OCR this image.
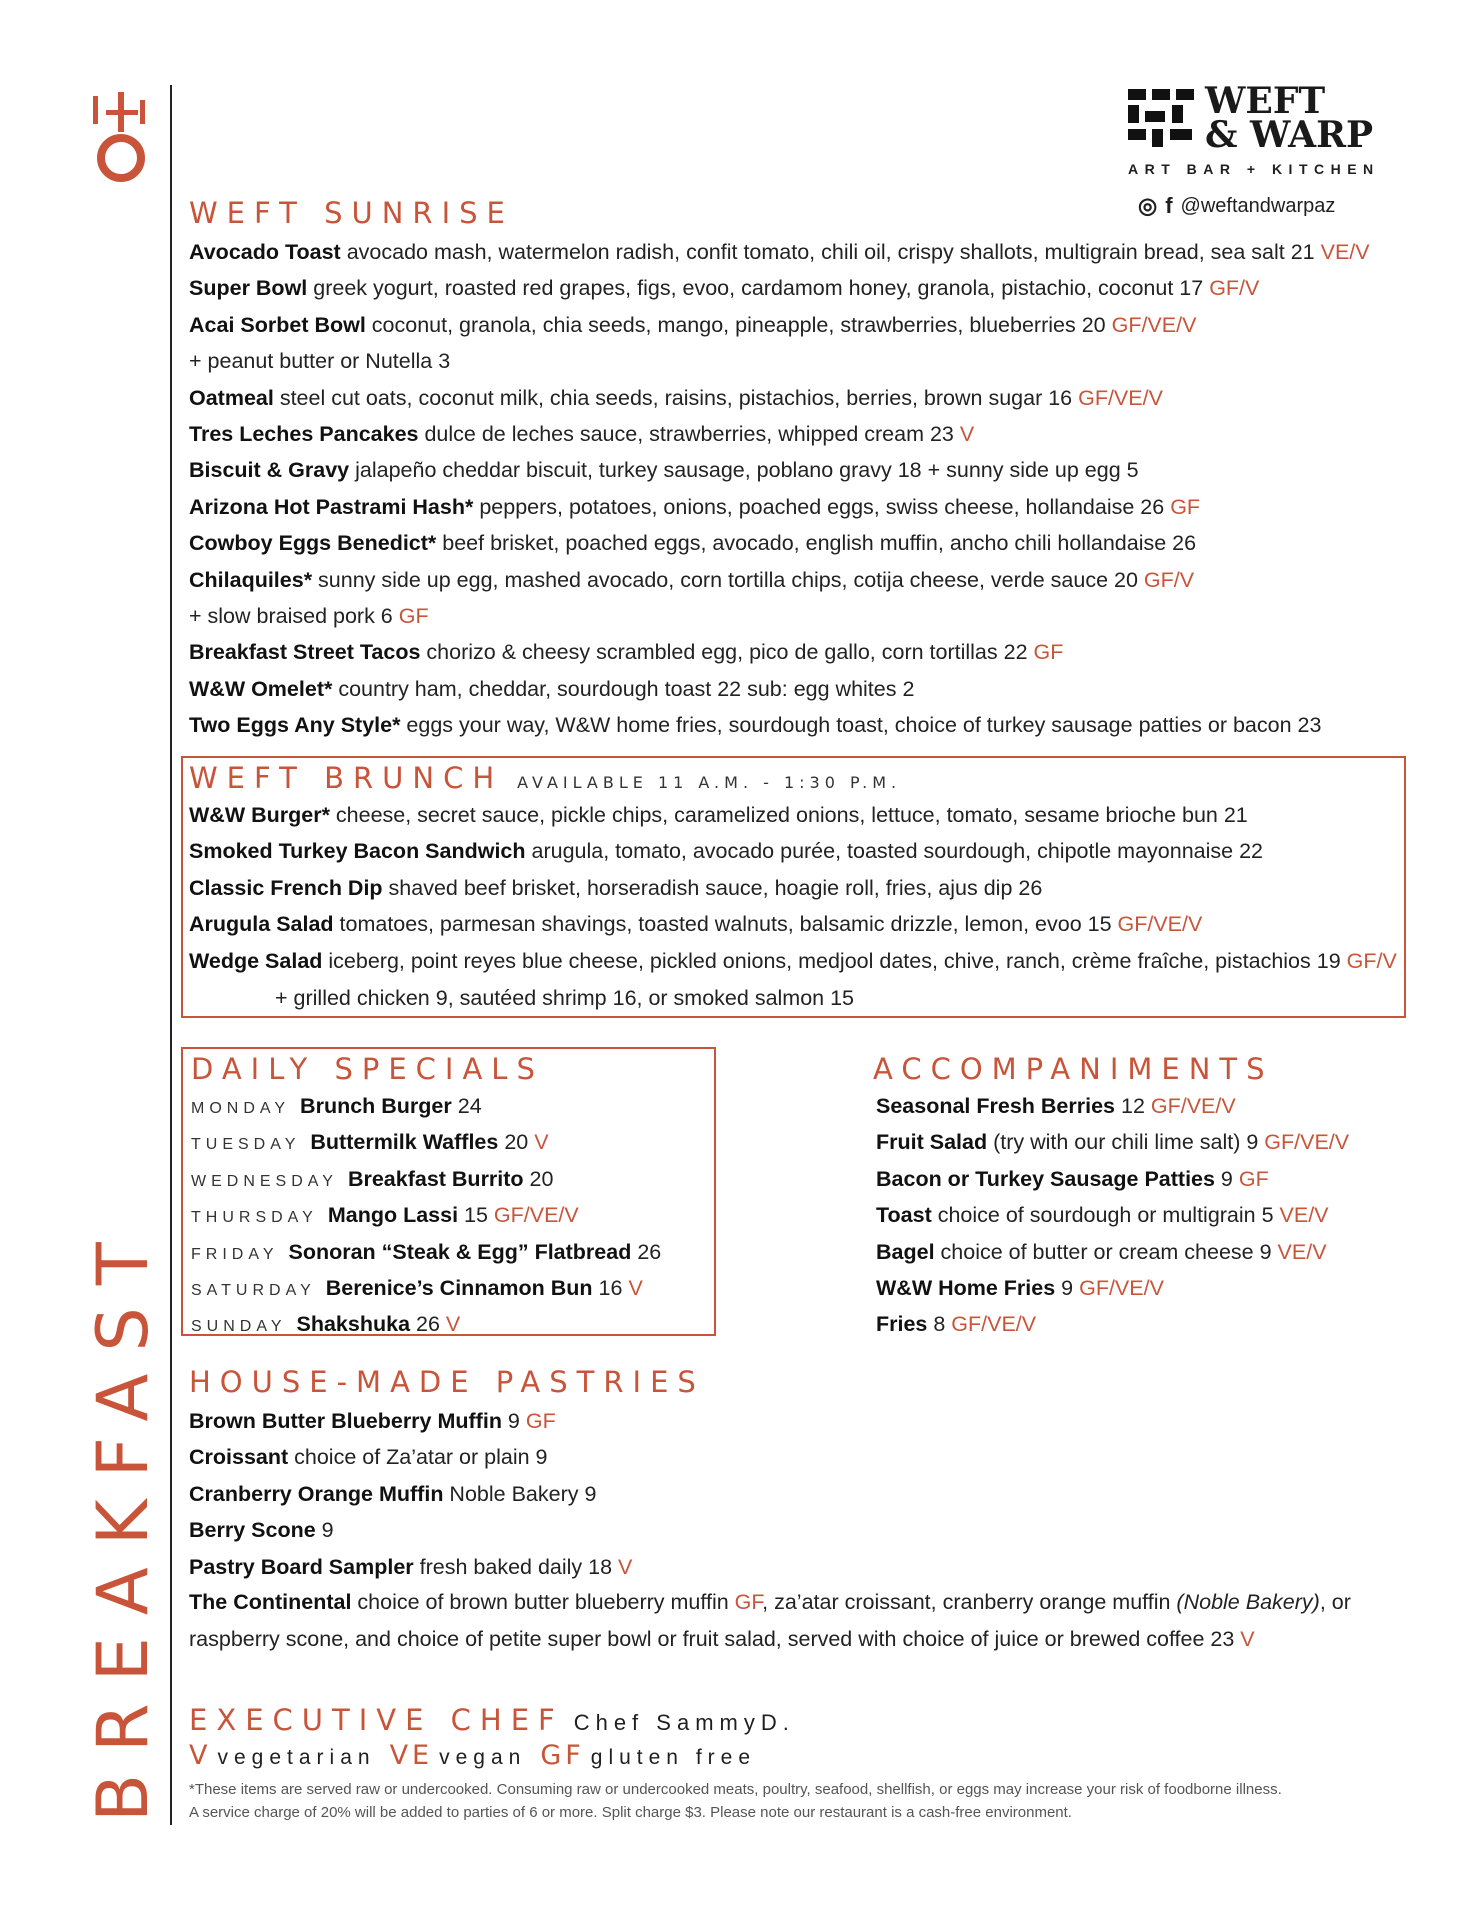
BREAKFAST
WEFT
& WARP
ART BAR + KITCHEN
◎ f @weftandwarpaz
WEFT SUNRISE
Avocado Toast avocado mash, watermelon radish, confit tomato, chili oil, crispy shallots, multigrain bread, sea salt 21 VE/V
Super Bowl greek yogurt, roasted red grapes, figs, evoo, cardamom honey, granola, pistachio, coconut 17 GF/V
Acai Sorbet Bowl coconut, granola, chia seeds, mango, pineapple, strawberries, blueberries 20 GF/VE/V
+ peanut butter or Nutella 3
Oatmeal steel cut oats, coconut milk, chia seeds, raisins, pistachios, berries, brown sugar 16 GF/VE/V
Tres Leches Pancakes dulce de leches sauce, strawberries, whipped cream 23 V
Biscuit & Gravy jalapeño cheddar biscuit, turkey sausage, poblano gravy 18 + sunny side up egg 5
Arizona Hot Pastrami Hash* peppers, potatoes, onions, poached eggs, swiss cheese, hollandaise 26 GF
Cowboy Eggs Benedict* beef brisket, poached eggs, avocado, english muffin, ancho chili hollandaise 26
Chilaquiles* sunny side up egg, mashed avocado, corn tortilla chips, cotija cheese, verde sauce 20 GF/V
+ slow braised pork 6 GF
Breakfast Street Tacos chorizo & cheesy scrambled egg, pico de gallo, corn tortillas 22 GF
W&W Omelet* country ham, cheddar, sourdough toast 22 sub: egg whites 2
Two Eggs Any Style* eggs your way, W&W home fries, sourdough toast, choice of turkey sausage patties or bacon 23
WEFT BRUNCH AVAILABLE 11 A.M. - 1:30 P.M.
W&W Burger* cheese, secret sauce, pickle chips, caramelized onions, lettuce, tomato, sesame brioche bun 21
Smoked Turkey Bacon Sandwich arugula, tomato, avocado purée, toasted sourdough, chipotle mayonnaise 22
Classic French Dip shaved beef brisket, horseradish sauce, hoagie roll, fries, ajus dip 26
Arugula Salad tomatoes, parmesan shavings, toasted walnuts, balsamic drizzle, lemon, evoo 15 GF/VE/V
Wedge Salad iceberg, point reyes blue cheese, pickled onions, medjool dates, chive, ranch, crème fraîche, pistachios 19 GF/V
+ grilled chicken 9, sautéed shrimp 16, or smoked salmon 15
DAILY SPECIALS
MONDAY Brunch Burger 24
TUESDAY Buttermilk Waffles 20 V
WEDNESDAY Breakfast Burrito 20
THURSDAY Mango Lassi 15 GF/VE/V
FRIDAY Sonoran “Steak & Egg” Flatbread 26
SATURDAY Berenice’s Cinnamon Bun 16 V
SUNDAY Shakshuka 26 V
ACCOMPANIMENTS
Seasonal Fresh Berries 12 GF/VE/V
Fruit Salad (try with our chili lime salt) 9 GF/VE/V
Bacon or Turkey Sausage Patties 9 GF
Toast choice of sourdough or multigrain 5 VE/V
Bagel choice of butter or cream cheese 9 VE/V
W&W Home Fries 9 GF/VE/V
Fries 8 GF/VE/V
HOUSE-MADE PASTRIES
Brown Butter Blueberry Muffin 9 GF
Croissant choice of Za’atar or plain 9
Cranberry Orange Muffin Noble Bakery 9
Berry Scone 9
Pastry Board Sampler fresh baked daily 18 V
The Continental choice of brown butter blueberry muffin GF, za’atar croissant, cranberry orange muffin (Noble Bakery), or
raspberry scone, and choice of petite super bowl or fruit salad, served with choice of juice or brewed coffee 23 V
EXECUTIVE CHEF Chef SammyD.
V vegetarian VE vegan GF gluten free
*These items are served raw or undercooked. Consuming raw or undercooked meats, poultry, seafood, shellfish, or eggs may increase your risk of foodborne illness.
A service charge of 20% will be added to parties of 6 or more. Split charge $3. Please note our restaurant is a cash-free environment.
